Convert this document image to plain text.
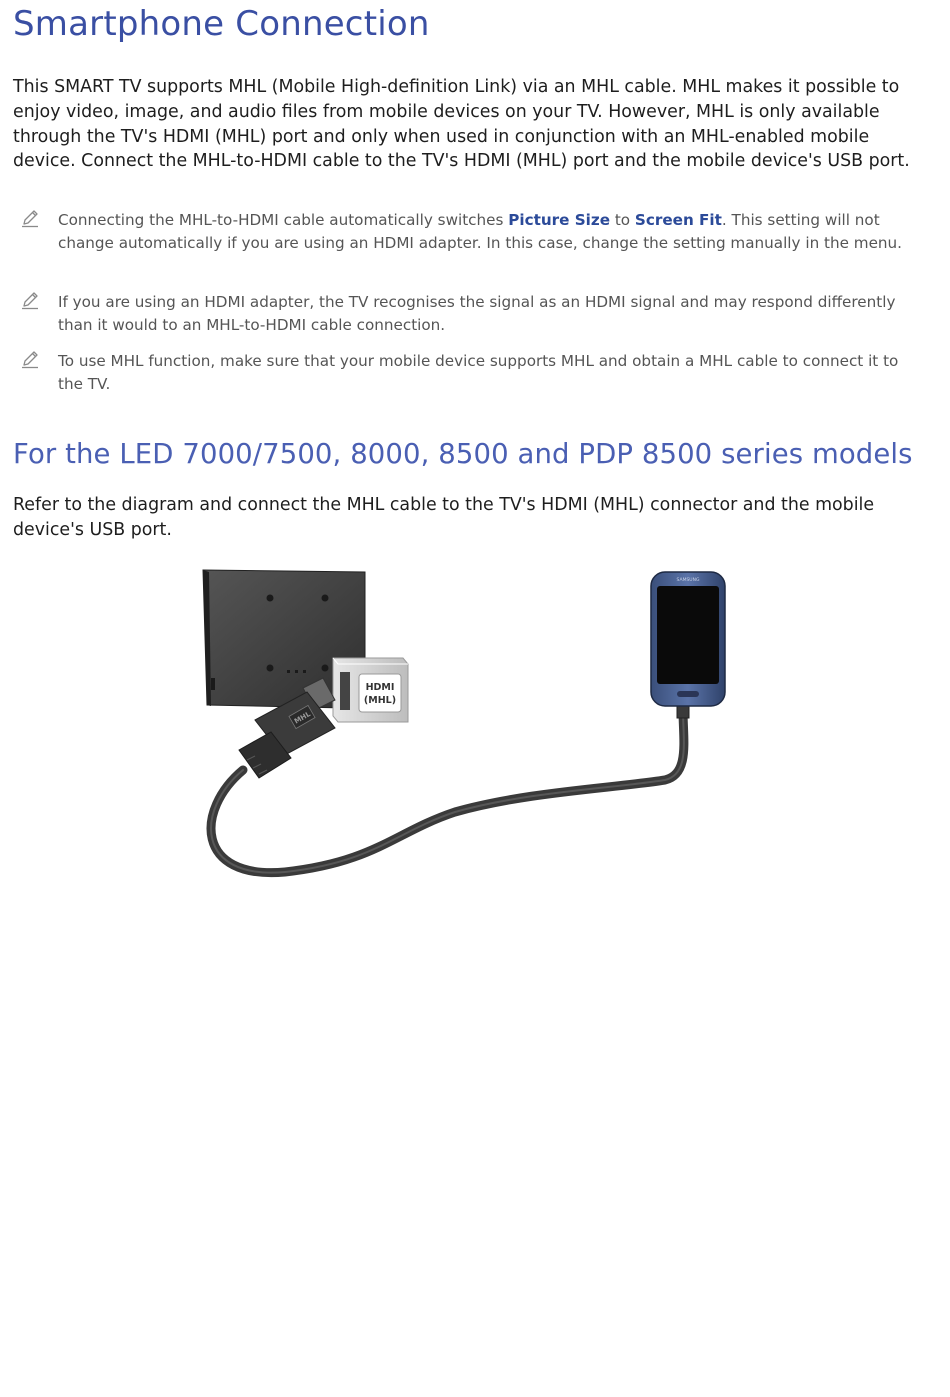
Smartphone Connection

This SMART TV supports MHL (Mobile High-definition Link) via an MHL cable. MHL makes it possible to enjoy video, image, and audio files from mobile devices on your TV. However, MHL is only available through the TV's HDMI (MHL) port and only when used in conjunction with an MHL-enabled mobile device. Connect the MHL-to-HDMI cable to the TV's HDMI (MHL) port and the mobile device's USB port.

Connecting the MHL-to-HDMI cable automatically switches Picture Size to Screen Fit. This setting will not change automatically if you are using an HDMI adapter. In this case, change the setting manually in the menu.

If you are using an HDMI adapter, the TV recognises the signal as an HDMI signal and may respond differently than it would to an MHL-to-HDMI cable connection.

To use MHL function, make sure that your mobile device supports MHL and obtain a MHL cable to connect it to the TV.

For the LED 7000/7500, 8000, 8500 and PDP 8500 series models

Refer to the diagram and connect the MHL cable to the TV's HDMI (MHL) connector and the mobile device's USB port.

HDMI
(MHL)
MHL
SAMSUNG
